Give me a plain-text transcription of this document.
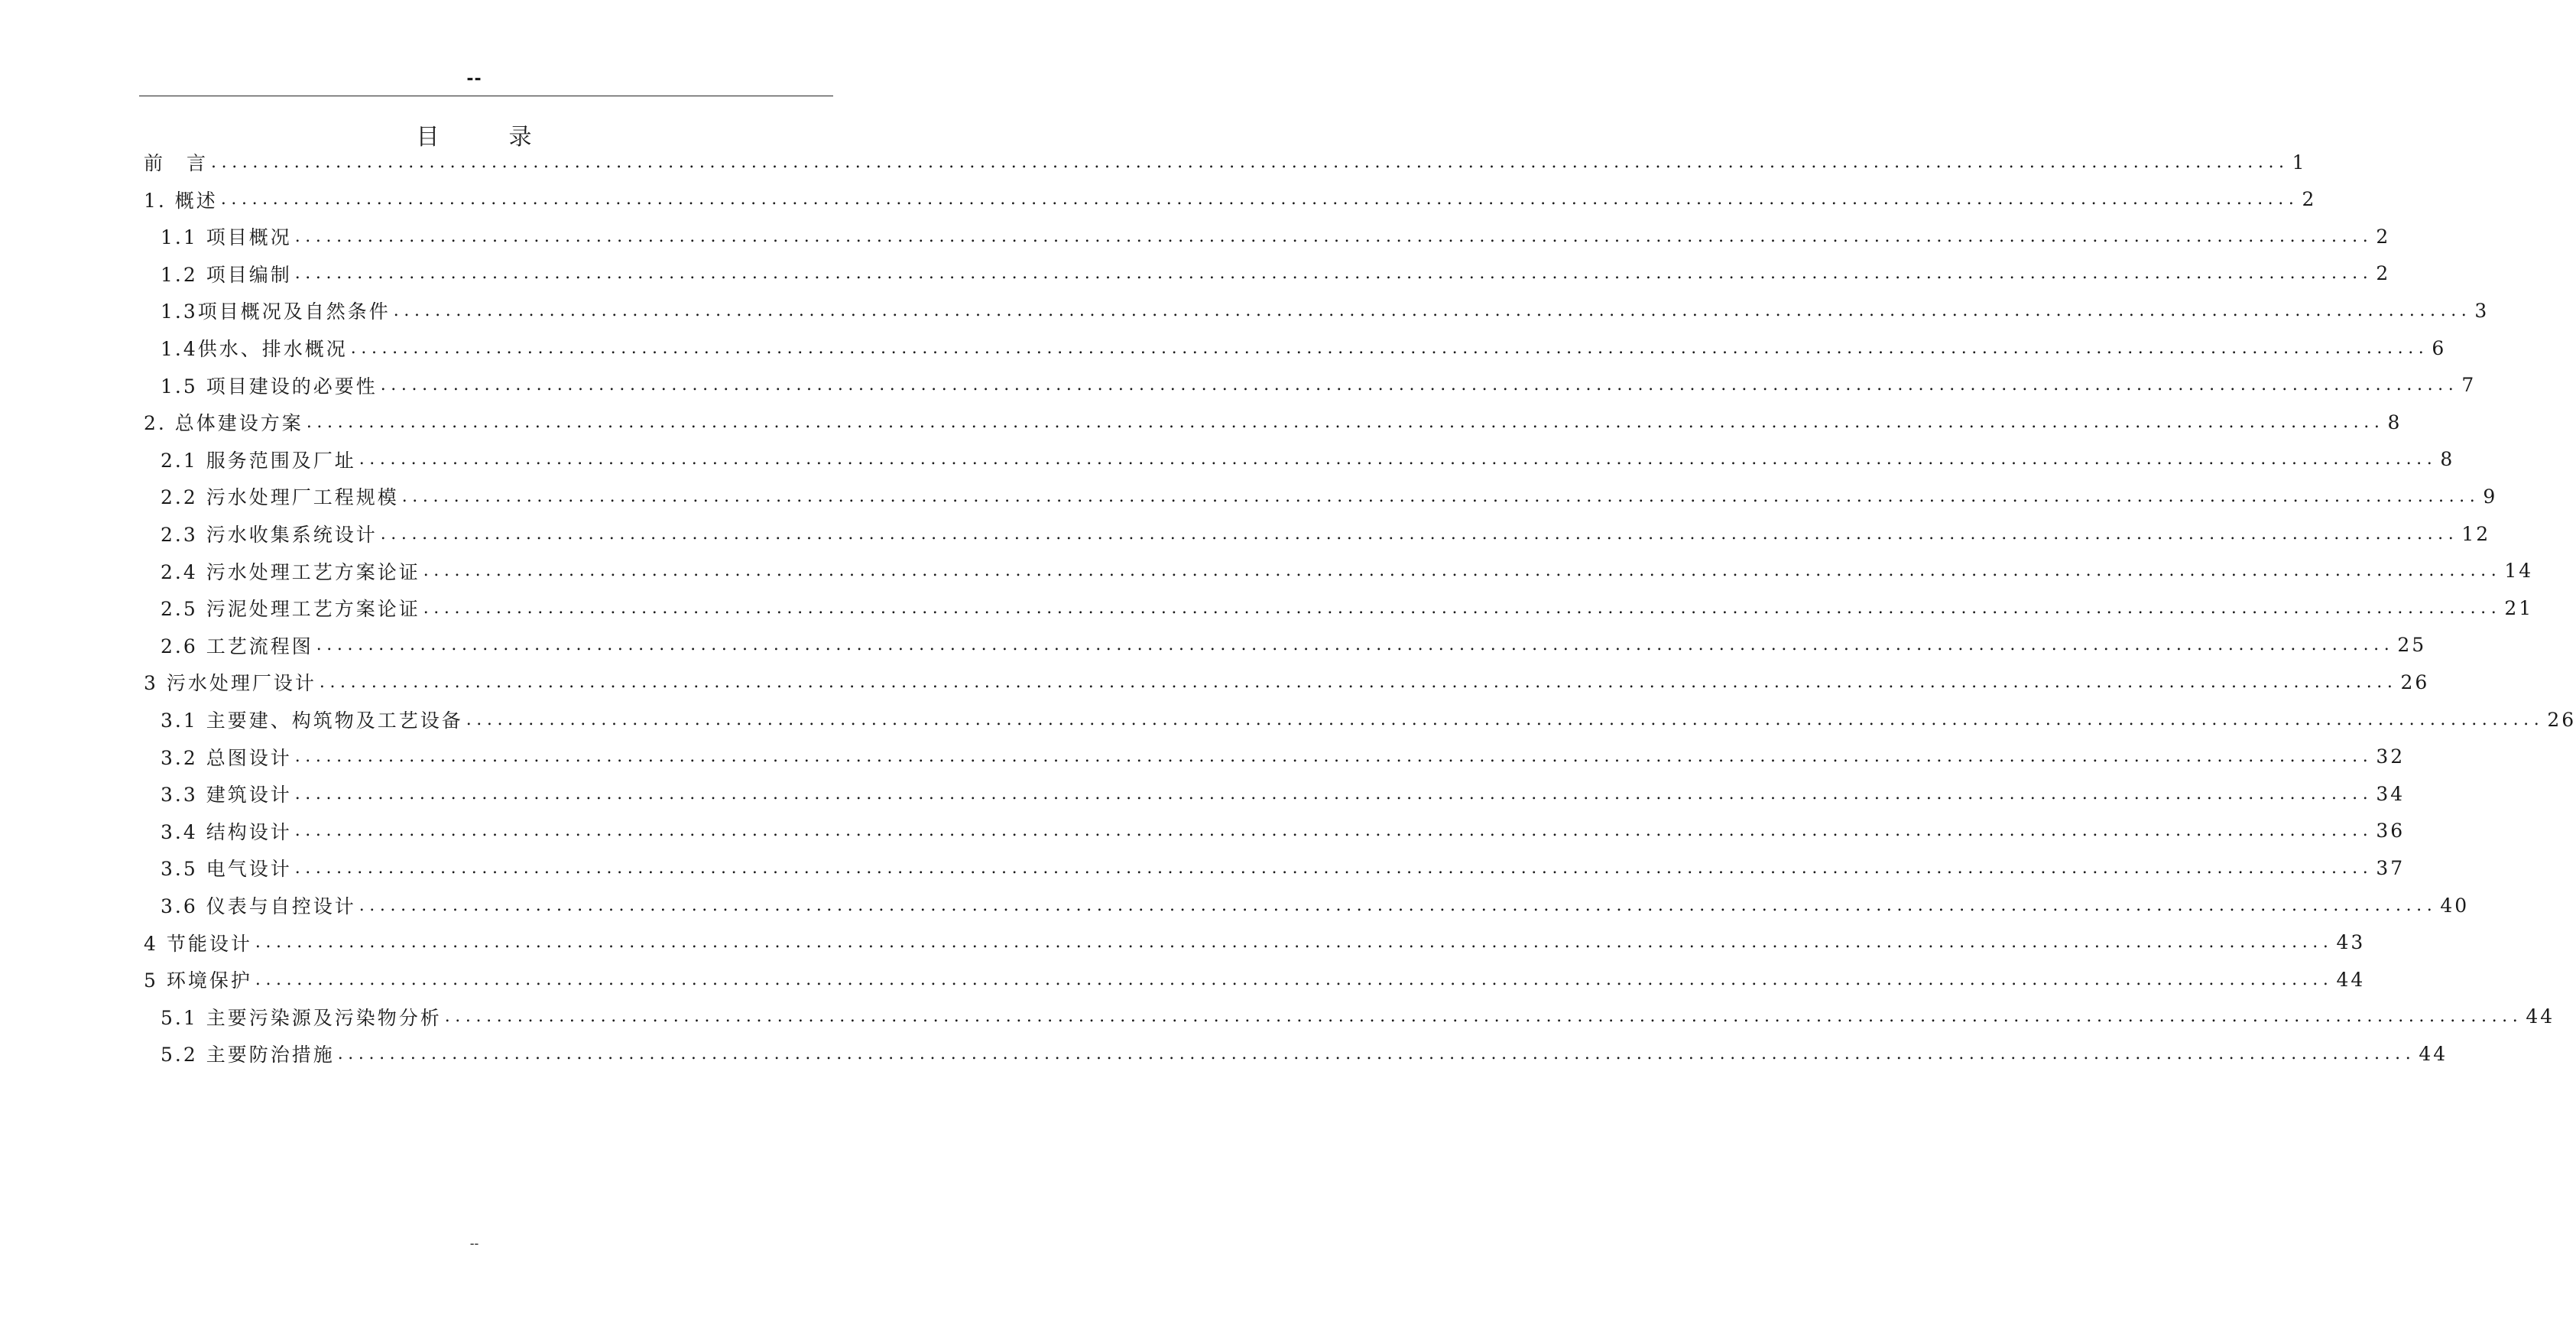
--
目	录
前　言 ........................................................................................................................................................................................................ 1
1. 概述 ........................................................................................................................................................................................................ 2
1.1 项目概况 ........................................................................................................................................................................................................ 2
1.2 项目编制 ........................................................................................................................................................................................................ 2
1.3项目概况及自然条件 ........................................................................................................................................................................................................ 3
1.4供水、排水概况 ........................................................................................................................................................................................................ 6
1.5 项目建设的必要性 ........................................................................................................................................................................................................ 7
2. 总体建设方案 ........................................................................................................................................................................................................ 8
2.1 服务范围及厂址 ........................................................................................................................................................................................................ 8
2.2 污水处理厂工程规模 ........................................................................................................................................................................................................ 9
2.3 污水收集系统设计 ........................................................................................................................................................................................................ 12
2.4 污水处理工艺方案论证 ........................................................................................................................................................................................................ 14
2.5 污泥处理工艺方案论证 ........................................................................................................................................................................................................ 21
2.6 工艺流程图 ........................................................................................................................................................................................................ 25
3 污水处理厂设计 ........................................................................................................................................................................................................ 26
3.1 主要建、构筑物及工艺设备 ........................................................................................................................................................................................................ 26
3.2 总图设计 ........................................................................................................................................................................................................ 32
3.3 建筑设计 ........................................................................................................................................................................................................ 34
3.4 结构设计 ........................................................................................................................................................................................................ 36
3.5 电气设计 ........................................................................................................................................................................................................ 37
3.6 仪表与自控设计 ........................................................................................................................................................................................................ 40
4 节能设计 ........................................................................................................................................................................................................ 43
5 环境保护 ........................................................................................................................................................................................................ 44
5.1 主要污染源及污染物分析 ........................................................................................................................................................................................................ 44
5.2 主要防治措施 ........................................................................................................................................................................................................ 44
--
